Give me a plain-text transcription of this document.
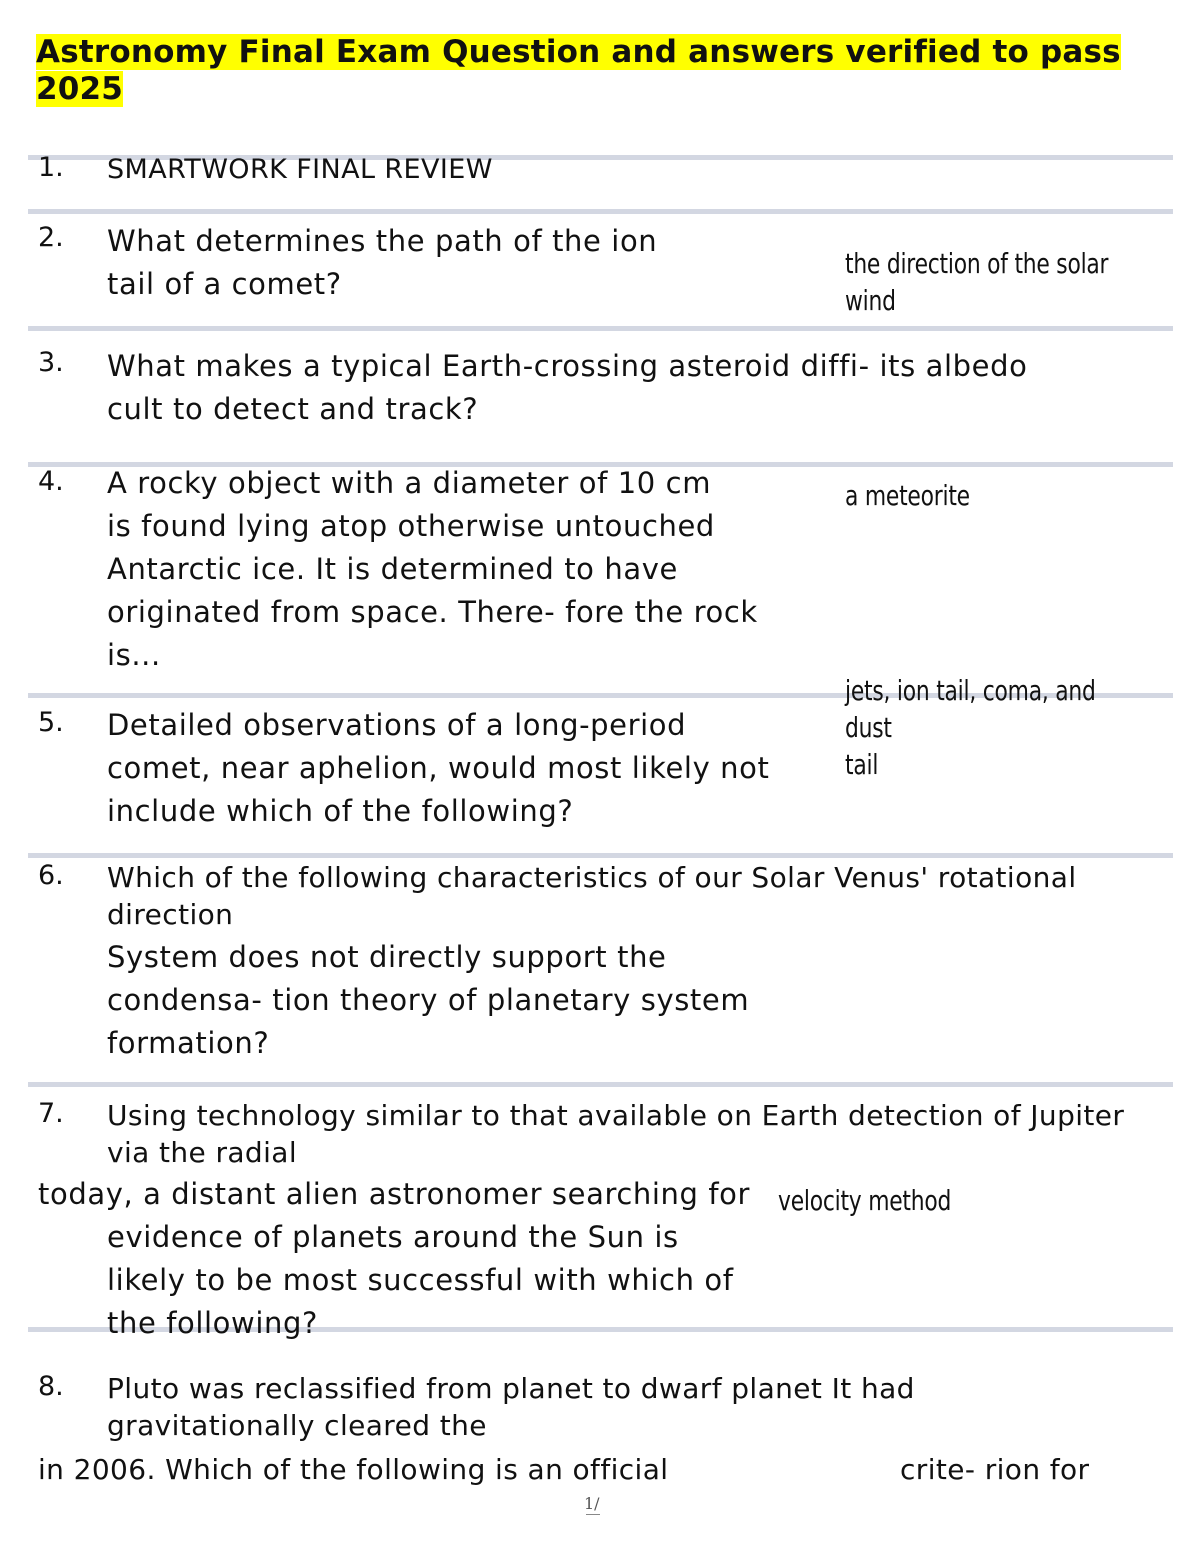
Astronomy Final Exam Question and answers verified to pass 2025
1. SMARTWORK FINAL REVIEW
2. What determines the path of the ion
tail of a comet?
the direction of the solar
wind
3. What makes a typical Earth-crossing asteroid diffi- its albedo
cult to detect and track?
4. A rocky object with a diameter of 10 cm
is found lying atop otherwise untouched
Antarctic ice. It is determined to have
originated from space. There- fore the rock
is...
a meteorite
5. Detailed observations of a long-period
comet, near aphelion, would most likely not
include which of the following?
jets, ion tail, coma, and dust
tail
6. Which of the following characteristics of our Solar Venus' rotational
direction
System does not directly support the
condensa- tion theory of planetary system
formation?
7. Using technology similar to that available on Earth detection of Jupiter
via the radial
today, a distant alien astronomer searching for velocity method
evidence of planets around the Sun is
likely to be most successful with which of
the following?
8. Pluto was reclassified from planet to dwarf planet It had
gravitationally cleared the
in 2006. Which of the following is an official	crite- rion for
1/
